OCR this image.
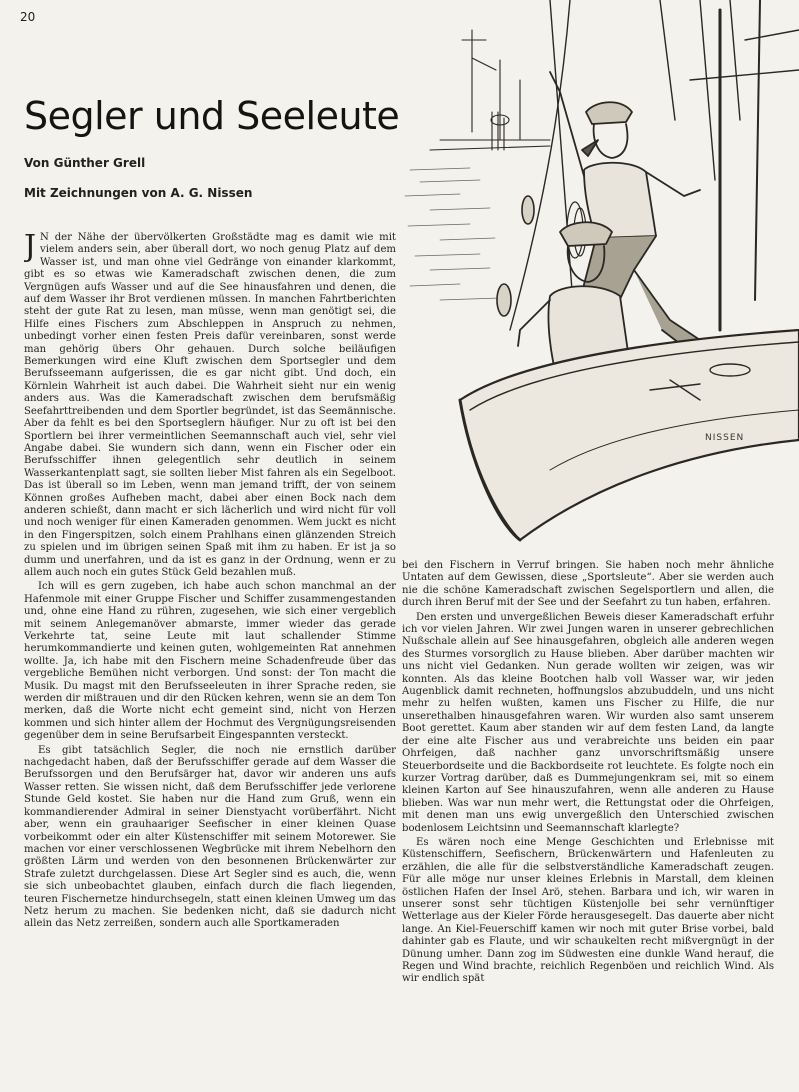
20
Segler und Seeleute

Von Günther Grell

Mit Zeichnungen von A. G. Nissen

NISSEN

J N der Nähe der übervölkerten Großstädte mag es damit wie mit vielem anders sein, aber überall dort, wo noch genug Platz auf dem Wasser ist, und man ohne viel Gedränge von einander klarkommt, gibt es so etwas wie Kameradschaft zwischen denen, die zum Vergnügen aufs Wasser und auf die See hinausfahren und denen, die auf dem Wasser ihr Brot verdienen müssen. In manchen Fahrtberichten steht der gute Rat zu lesen, man müsse, wenn man genötigt sei, die Hilfe eines Fischers zum Abschleppen in Anspruch zu nehmen, unbedingt vorher einen festen Preis dafür vereinbaren, sonst werde man gehörig übers Ohr gehauen. Durch solche beiläufigen Bemerkungen wird eine Kluft zwischen dem Sportsegler und dem Berufsseemann aufgerissen, die es gar nicht gibt. Und doch, ein Körnlein Wahrheit ist auch dabei. Die Wahrheit sieht nur ein wenig anders aus. Was die Kameradschaft zwischen dem berufsmäßig Seefahrttreibenden und dem Sportler begründet, ist das Seemännische. Aber da fehlt es bei den Sportseglern häufiger. Nur zu oft ist bei den Sportlern bei ihrer vermeintlichen Seemannschaft auch viel, sehr viel Angabe dabei. Sie wundern sich dann, wenn ein Fischer oder ein Berufsschiffer ihnen gelegentlich sehr deutlich in seinem Wasserkantenplatt sagt, sie sollten lieber Mist fahren als ein Segelboot. Das ist überall so im Leben, wenn man jemand trifft, der von seinem Können großes Aufheben macht, dabei aber einen Bock nach dem anderen schießt, dann macht er sich lächerlich und wird nicht für voll und noch weniger für einen Kameraden genommen. Wem juckt es nicht in den Fingerspitzen, solch einem Prahlhans einen glänzenden Streich zu spielen und im übrigen seinen Spaß mit ihm zu haben. Er ist ja so dumm und unerfahren, und da ist es ganz in der Ordnung, wenn er zu allem auch noch ein gutes Stück Geld bezahlen muß.

Ich will es gern zugeben, ich habe auch schon manchmal an der Hafenmole mit einer Gruppe Fischer und Schiffer zusammengestanden und, ohne eine Hand zu rühren, zugesehen, wie sich einer vergeblich mit seinem Anlegemanöver abmarste, immer wieder das gerade Verkehrte tat, seine Leute mit laut schallender Stimme herumkommandierte und keinen guten, wohlgemeinten Rat annehmen wollte. Ja, ich habe mit den Fischern meine Schadenfreude über das vergebliche Bemühen nicht verborgen. Und sonst: der Ton macht die Musik. Du magst mit den Berufsseeleuten in ihrer Sprache reden, sie werden dir mißtrauen und dir den Rücken kehren, wenn sie an dem Ton merken, daß die Worte nicht echt gemeint sind, nicht von Herzen kommen und sich hinter allem der Hochmut des Vergnügungsreisenden gegenüber dem in seine Berufsarbeit Eingespannten versteckt.

Es gibt tatsächlich Segler, die noch nie ernstlich darüber nachgedacht haben, daß der Berufsschiffer gerade auf dem Wasser die Berufssorgen und den Berufsärger hat, davor wir anderen uns aufs Wasser retten. Sie wissen nicht, daß dem Berufsschiffer jede verlorene Stunde Geld kostet. Sie haben nur die Hand zum Gruß, wenn ein kommandierender Admiral in seiner Dienstyacht vorüberfährt. Nicht aber, wenn ein grauhaariger Seefischer in einer kleinen Quase vorbeikommt oder ein alter Küstenschiffer mit seinem Motorewer. Sie machen vor einer verschlossenen Wegbrücke mit ihrem Nebelhorn den größten Lärm und werden von den besonnenen Brückenwärter zur Strafe zuletzt durchgelassen. Diese Art Segler sind es auch, die, wenn sie sich unbeobachtet glauben, einfach durch die flach liegenden, teuren Fischernetze hindurchsegeln, statt einen kleinen Umweg um das Netz herum zu machen. Sie bedenken nicht, daß sie dadurch nicht allein das Netz zerreißen, sondern auch alle Sportkameraden

bei den Fischern in Verruf bringen. Sie haben noch mehr ähnliche Untaten auf dem Gewissen, diese „Sportsleute“. Aber sie werden auch nie die schöne Kameradschaft zwischen Segelsportlern und allen, die durch ihren Beruf mit der See und der Seefahrt zu tun haben, erfahren.

Den ersten und unvergeßlichen Beweis dieser Kameradschaft erfuhr ich vor vielen Jahren. Wir zwei Jungen waren in unserer gebrechlichen Nußschale allein auf See hinausgefahren, obgleich alle anderen wegen des Sturmes vorsorglich zu Hause blieben. Aber darüber machten wir uns nicht viel Gedanken. Nun gerade wollten wir zeigen, was wir konnten. Als das kleine Bootchen halb voll Wasser war, wir jeden Augenblick damit rechneten, hoffnungslos abzubuddeln, und uns nicht mehr zu helfen wußten, kamen uns Fischer zu Hilfe, die nur unserethalben hinausgefahren waren. Wir wurden also samt unserem Boot gerettet. Kaum aber standen wir auf dem festen Land, da langte der eine alte Fischer aus und verabreichte uns beiden ein paar Ohrfeigen, daß nachher ganz unvorschriftsmäßig unsere Steuerbordseite und die Backbordseite rot leuchtete. Es folgte noch ein kurzer Vortrag darüber, daß es Dummejungenkram sei, mit so einem kleinen Karton auf See hinauszufahren, wenn alle anderen zu Hause blieben. Was war nun mehr wert, die Rettungstat oder die Ohrfeigen, mit denen man uns ewig unvergeßlich den Unterschied zwischen bodenlosem Leichtsinn und Seemannschaft klarlegte?

Es wären noch eine Menge Geschichten und Erlebnisse mit Küstenschiffern, Seefischern, Brückenwärtern und Hafenleuten zu erzählen, die alle für die selbstverständliche Kameradschaft zeugen. Für alle möge nur unser kleines Erlebnis in Marstall, dem kleinen östlichen Hafen der Insel Arö, stehen. Barbara und ich, wir waren in unserer sonst sehr tüchtigen Küstenjolle bei sehr vernünftiger Wetterlage aus der Kieler Förde herausgesegelt. Das dauerte aber nicht lange. An Kiel-Feuerschiff kamen wir noch mit guter Brise vorbei, bald dahinter gab es Flaute, und wir schaukelten recht mißvergnügt in der Dünung umher. Dann zog im Südwesten eine dunkle Wand herauf, die Regen und Wind brachte, reichlich Regenböen und reichlich Wind. Als wir endlich spät
